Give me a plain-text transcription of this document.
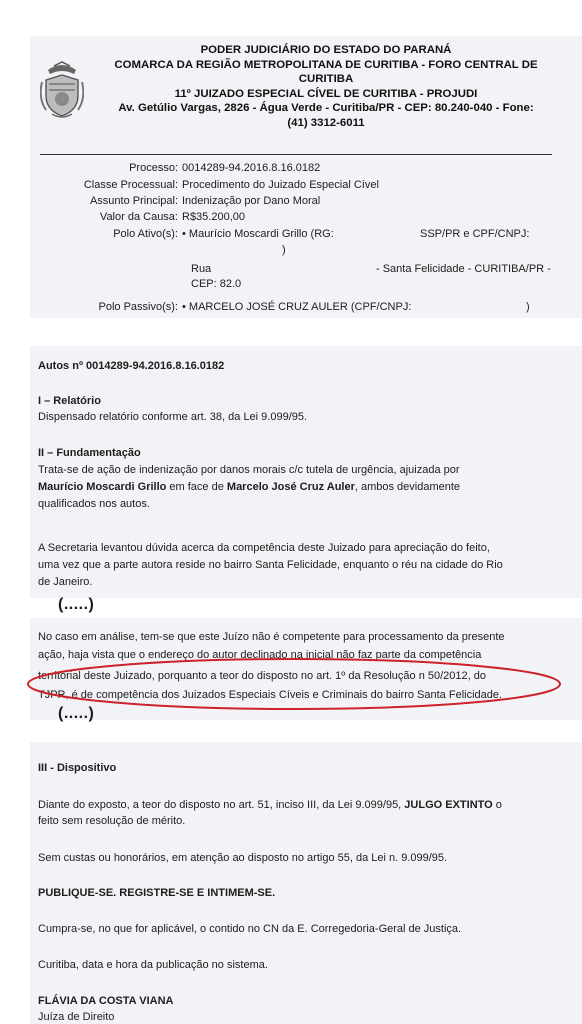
PODER JUDICIÁRIO DO ESTADO DO PARANÁ
COMARCA DA REGIÃO METROPOLITANA DE CURITIBA - FORO CENTRAL DE
CURITIBA
11º JUIZADO ESPECIAL CÍVEL DE CURITIBA - PROJUDI
Av. Getúlio Vargas, 2826 - Água Verde - Curitiba/PR - CEP: 80.240-040 - Fone:
(41) 3312-6011
Processo: 0014289-94.2016.8.16.0182
Classe Processual: Procedimento do Juizado Especial Cível
Assunto Principal: Indenização por Dano Moral
Valor da Causa: R$35.200,00
Polo Ativo(s): • Maurício Moscardi Grillo (RG:	SSP/PR e CPF/CNPJ:
)
Rua	- Santa Felicidade - CURITIBA/PR -
CEP: 82.0
Polo Passivo(s): • MARCELO JOSÉ CRUZ AULER (CPF/CNPJ:	)
Autos nº 0014289-94.2016.8.16.0182
I – Relatório
Dispensado relatório conforme art. 38, da Lei 9.099/95.
II – Fundamentação
Trata-se de ação de indenização por danos morais c/c tutela de urgência, ajuizada por
Maurício Moscardi Grillo em face de Marcelo José Cruz Auler, ambos devidamente
qualificados nos autos.
A Secretaria levantou dúvida acerca da competência deste Juizado para apreciação do feito,
uma vez que a parte autora reside no bairro Santa Felicidade, enquanto o réu na cidade do Rio
de Janeiro.
(.....)
No caso em análise, tem-se que este Juízo não é competente para processamento da presente
ação, haja vista que o endereço do autor declinado na inicial não faz parte da competência
territorial deste Juizado, porquanto a teor do disposto no art. 1º da Resolução n 50/2012, do
TJPR, é de competência dos Juizados Especiais Cíveis e Criminais do bairro Santa Felicidade.
(.....)
III - Dispositivo
Diante do exposto, a teor do disposto no art. 51, inciso III, da Lei 9.099/95, JULGO EXTINTO o
feito sem resolução de mérito.
Sem custas ou honorários, em atenção ao disposto no artigo 55, da Lei n. 9.099/95.
PUBLIQUE-SE. REGISTRE-SE E INTIMEM-SE.
Cumpra-se, no que for aplicável, o contido no CN da E. Corregedoria-Geral de Justiça.
Curitiba, data e hora da publicação no sistema.
FLÁVIA DA COSTA VIANA
Juíza de Direito
